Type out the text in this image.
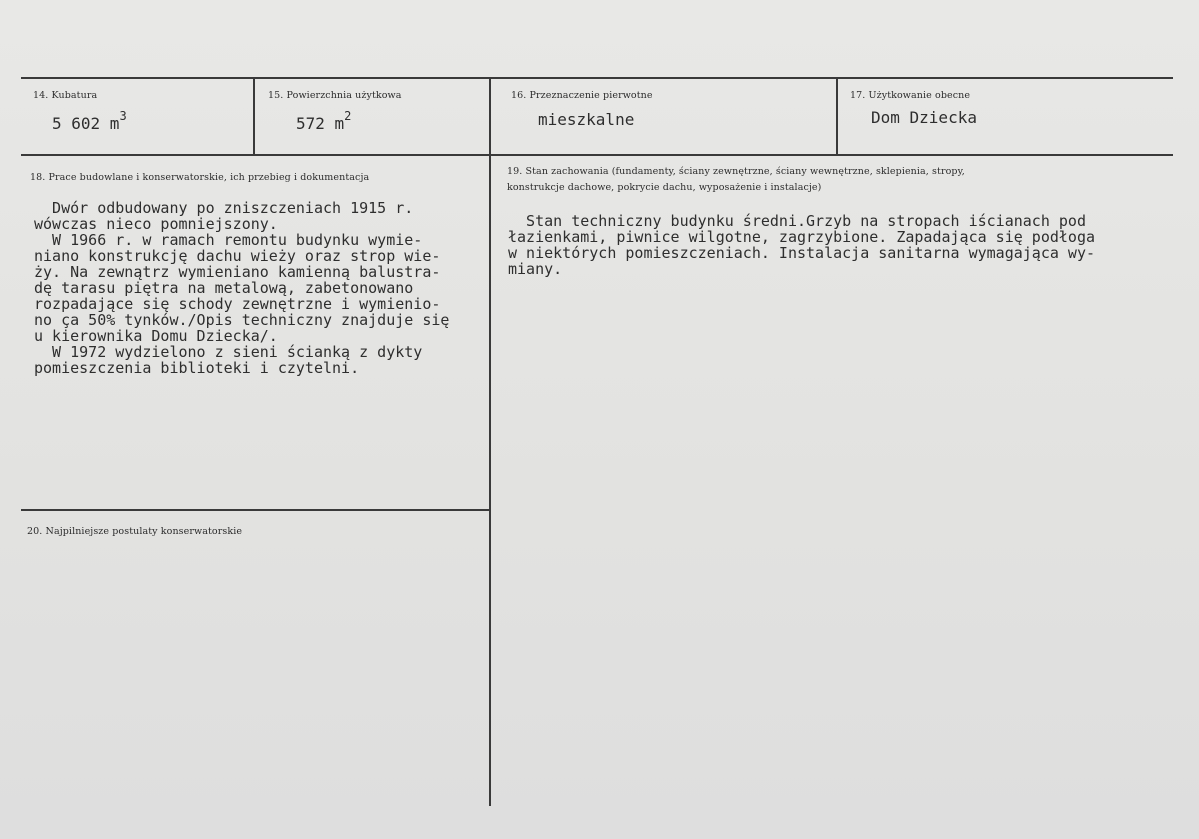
14. Kubatura
5 602 $m^3$
15. Powierzchnia użytkowa
572 $m^2$
16. Przeznaczenie pierwotne
mieszkalne
17. Użytkowanie obecne
Dom Dziecka
18. Prace budowlane i konserwatorskie, ich przebieg i dokumentacja
Dwór odbudowany po zniszczeniach 1915 r.
wówczas nieco pomniejszony.
W 1966 r. w ramach remontu budynku wymie-
niano konstrukcję dachu wieży oraz strop wie-
ży. Na zewnątrz wymieniano kamienną balustra-
dę tarasu piętra na metalową, zabetonowano
rozpadające się schody zewnętrzne i wymienio-
no ça 50% tynków./Opis techniczny znajduje się
u kierownika Domu Dziecka/.
W 1972 wydzielono z sieni ścianką z dykty
pomieszczenia biblioteki i czytelni.
19. Stan zachowania (fundamenty, ściany zewnętrzne, ściany wewnętrzne, sklepienia, stropy,
konstrukcje dachowe, pokrycie dachu, wyposażenie i instalacje)
Stan techniczny budynku średni.Grzyb na stropach iścianach pod
łazienkami, piwnice wilgotne, zagrzybione. Zapadająca się podłoga
w niektórych pomieszczeniach. Instalacja sanitarna wymagająca wy-
miany.
20. Najpilniejsze postulaty konserwatorskie
